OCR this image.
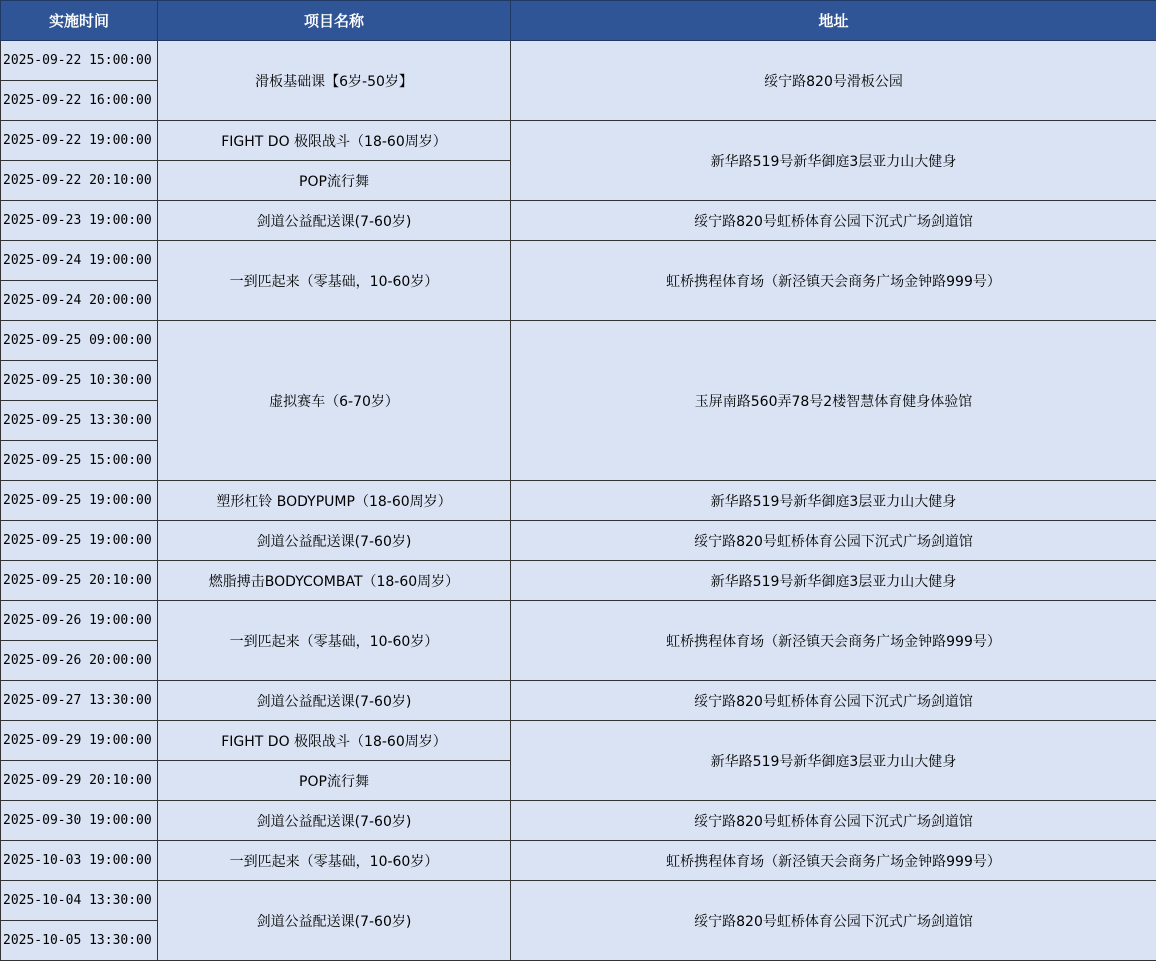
实施时间	项目名称	地址
2025-09-22 15:00:00	滑板基础课【6岁-50岁】	绥宁路820号滑板公园
2025-09-22 16:00:00		
2025-09-22 19:00:00	FIGHT DO 极限战斗（18-60周岁）	新华路519号新华御庭3层亚力山大健身
2025-09-22 20:10:00	POP流行舞	
2025-09-23 19:00:00	剑道公益配送课(7-60岁)	绥宁路820号虹桥体育公园下沉式广场剑道馆
2025-09-24 19:00:00	一到匹起来（零基础，10-60岁）	虹桥携程体育场（新泾镇天会商务广场金钟路999号）
2025-09-24 20:00:00		
2025-09-25 09:00:00	虚拟赛车（6-70岁）	玉屏南路560弄78号2楼智慧体育健身体验馆
2025-09-25 10:30:00		
2025-09-25 13:30:00		
2025-09-25 15:00:00		
2025-09-25 19:00:00	塑形杠铃 BODYPUMP（18-60周岁）	新华路519号新华御庭3层亚力山大健身
2025-09-25 19:00:00	剑道公益配送课(7-60岁)	绥宁路820号虹桥体育公园下沉式广场剑道馆
2025-09-25 20:10:00	燃脂搏击BODYCOMBAT（18-60周岁）	新华路519号新华御庭3层亚力山大健身
2025-09-26 19:00:00	一到匹起来（零基础，10-60岁）	虹桥携程体育场（新泾镇天会商务广场金钟路999号）
2025-09-26 20:00:00		
2025-09-27 13:30:00	剑道公益配送课(7-60岁)	绥宁路820号虹桥体育公园下沉式广场剑道馆
2025-09-29 19:00:00	FIGHT DO 极限战斗（18-60周岁）	新华路519号新华御庭3层亚力山大健身
2025-09-29 20:10:00	POP流行舞	
2025-09-30 19:00:00	剑道公益配送课(7-60岁)	绥宁路820号虹桥体育公园下沉式广场剑道馆
2025-10-03 19:00:00	一到匹起来（零基础，10-60岁）	虹桥携程体育场（新泾镇天会商务广场金钟路999号）
2025-10-04 13:30:00	剑道公益配送课(7-60岁)	绥宁路820号虹桥体育公园下沉式广场剑道馆
2025-10-05 13:30:00		
